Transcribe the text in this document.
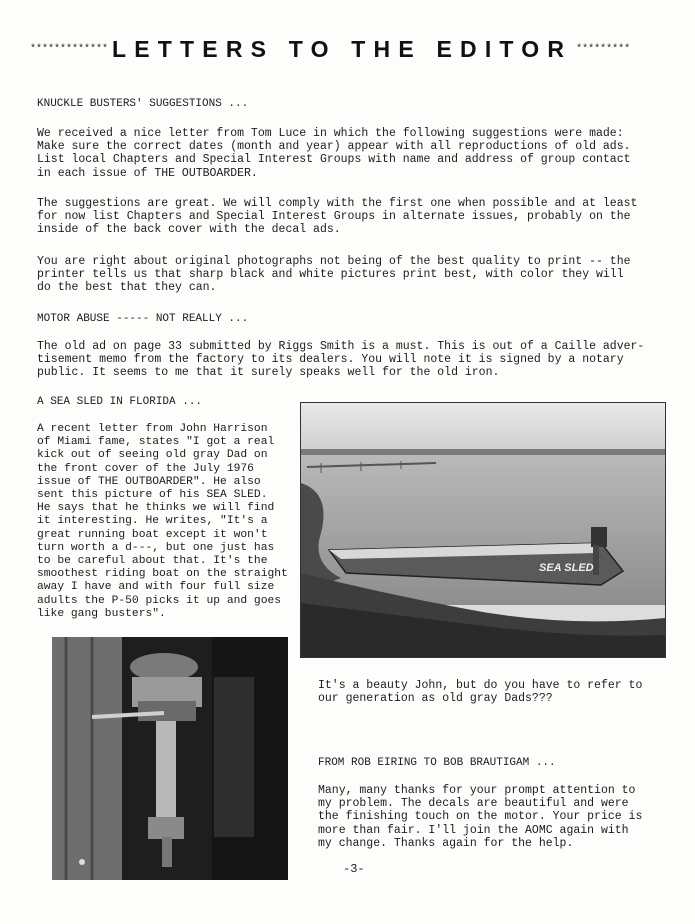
************* LETTERS TO THE EDITOR *********
KNUCKLE BUSTERS' SUGGESTIONS ...
We received a nice letter from Tom Luce in which the following suggestions were made:
Make sure the correct dates (month and year) appear with all reproductions of old ads.
List local Chapters and Special Interest Groups with name and address of group contact
in each issue of THE OUTBOARDER.
The suggestions are great. We will comply with the first one when possible and at least
for now list Chapters and Special Interest Groups in alternate issues, probably on the
inside of the back cover with the decal ads.
You are right about original photographs not being of the best quality to print -- the
printer tells us that sharp black and white pictures print best, with color they will
do the best that they can.
MOTOR ABUSE ----- NOT REALLY ...
The old ad on page 33 submitted by Riggs Smith is a must. This is out of a Caille adver-
tisement memo from the factory to its dealers. You will note it is signed by a notary
public. It seems to me that it surely speaks well for the old iron.
A SEA SLED IN FLORIDA ...
A recent letter from John Harrison
of Miami fame, states "I got a real
kick out of seeing old gray Dad on
the front cover of the July 1976
issue of THE OUTBOARDER". He also
sent this picture of his SEA SLED.
He says that he thinks we will find
it interesting. He writes, "It's a
great running boat except it won't
turn worth a d---, but one just has
to be careful about that. It's the
smoothest riding boat on the straight
away I have and with four full size
adults the P-50 picks it up and goes
like gang busters".
SEA SLED
It's a beauty John, but do you have to refer to
our generation as old gray Dads???
FROM ROB EIRING TO BOB BRAUTIGAM ...
Many, many thanks for your prompt attention to
my problem. The decals are beautiful and were
the finishing touch on the motor. Your price is
more than fair. I'll join the AOMC again with
my change. Thanks again for the help.
-3-
